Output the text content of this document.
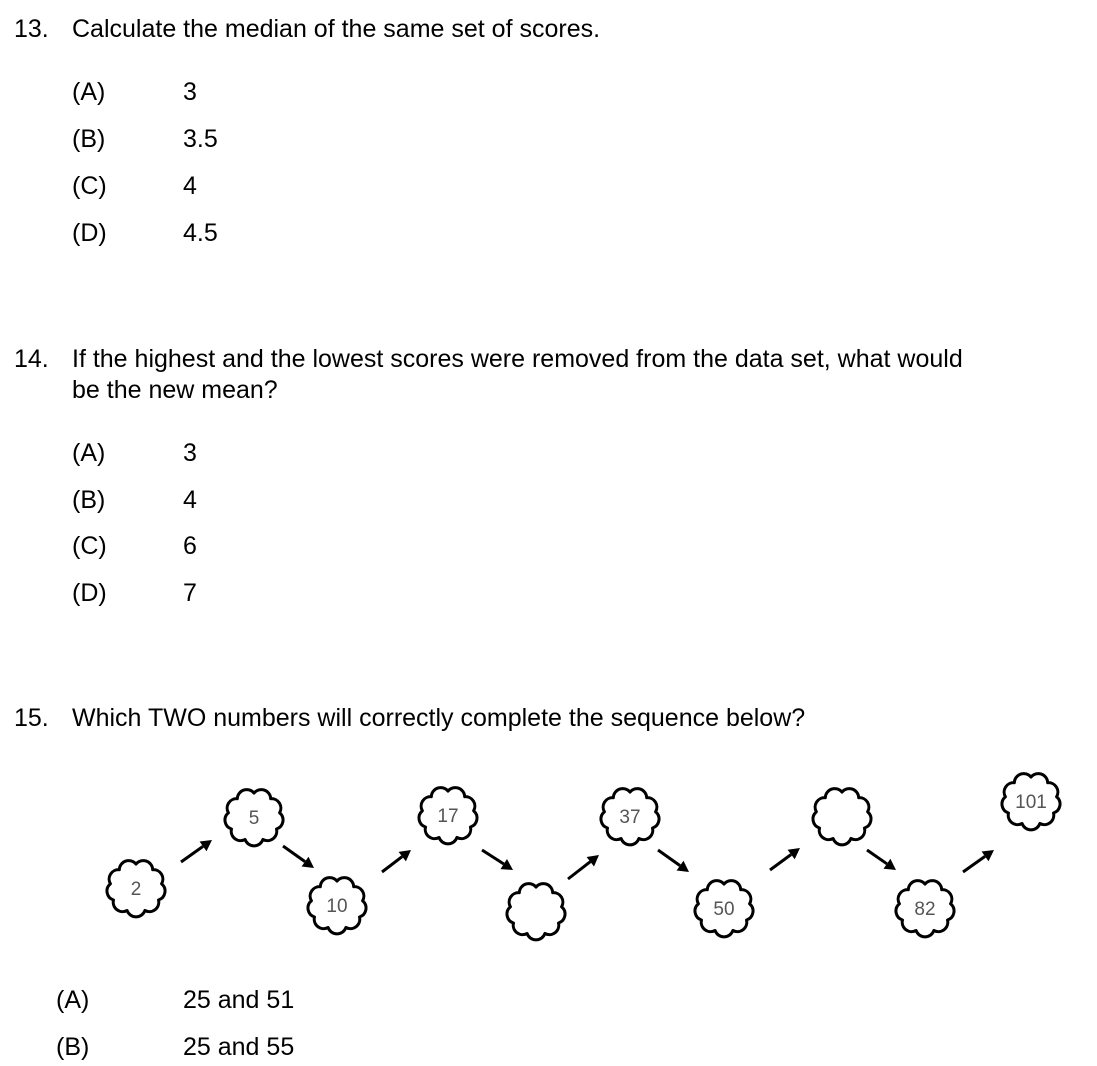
13. Calculate the median of the same set of scores.
(A)	3
(B)	3.5
(C)	4
(D)	4.5
14. If the highest and the lowest scores were removed from the data set, what would
be the new mean?
(A)	3
(B)	4
(C)	6
(D)	7
15. Which TWO numbers will correctly complete the sequence below?
2
5
10
17	37
50	82
101
(A)	25 and 51
(B)	25 and 55
